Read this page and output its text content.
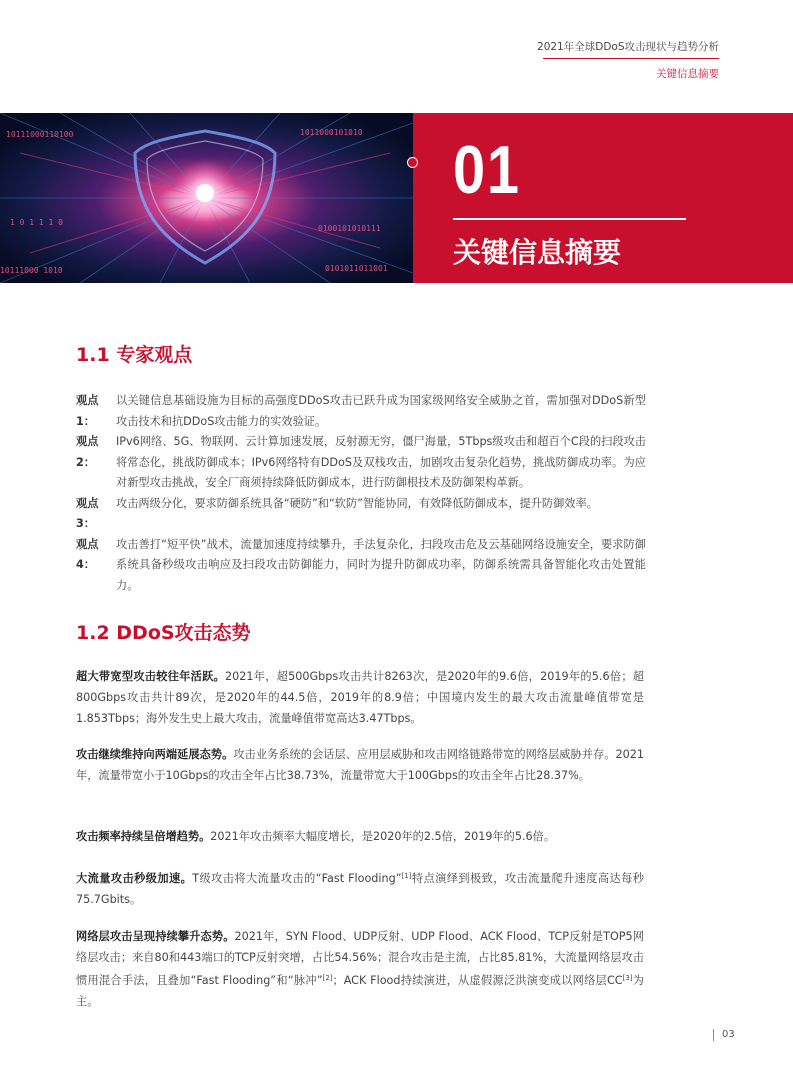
2021年全球DDoS攻击现状与趋势分析
关键信息摘要
10111000110100	1011000101010
1 0 1 1 1 0
0100101010111
10111000 1010	0101011011001
01
关键信息摘要
1.1 专家观点
观点1：
以关键信息基础设施为目标的高强度DDoS攻击已跃升成为国家级网络安全威胁之首，需加强对DDoS新型攻击技术和抗DDoS攻击能力的实效验证。
观点2：
IPv6网络、5G、物联网、云计算加速发展，反射源无穷，僵尸海量，5Tbps级攻击和超百个C段的扫段攻击将常态化，挑战防御成本；IPv6网络特有DDoS及双栈攻击，加剧攻击复杂化趋势，挑战防御成功率。为应对新型攻击挑战，安全厂商须持续降低防御成本，进行防御根技术及防御架构革新。
观点3：
攻击两级分化，要求防御系统具备“硬防”和“软防”智能协同，有效降低防御成本，提升防御效率。
观点4：
攻击善打“短平快”战术，流量加速度持续攀升，手法复杂化，扫段攻击危及云基础网络设施安全，要求防御系统具备秒级攻击响应及扫段攻击防御能力，同时为提升防御成功率，防御系统需具备智能化攻击处置能力。
1.2 DDoS攻击态势
超大带宽型攻击较往年活跃。2021年，超500Gbps攻击共计8263次，是2020年的9.6倍，2019年的5.6倍；超800Gbps攻击共计89次，是2020年的44.5倍，2019年的8.9倍；中国境内发生的最大攻击流量峰值带宽是1.853Tbps；海外发生史上最大攻击，流量峰值带宽高达3.47Tbps。
攻击继续维持向两端延展态势。攻击业务系统的会话层、应用层威胁和攻击网络链路带宽的网络层威胁并存。2021年，流量带宽小于10Gbps的攻击全年占比38.73%，流量带宽大于100Gbps的攻击全年占比28.37%。
攻击频率持续呈倍增趋势。2021年攻击频率大幅度增长，是2020年的2.5倍，2019年的5.6倍。
大流量攻击秒级加速。T级攻击将大流量攻击的“Fast Flooding”[1]特点演绎到极致，攻击流量爬升速度高达每秒75.7Gbits。
网络层攻击呈现持续攀升态势。2021年，SYN Flood、UDP反射、UDP Flood、ACK Flood、TCP反射是TOP5网络层攻击；来自80和443端口的TCP反射突增，占比54.56%；混合攻击是主流，占比85.81%，大流量网络层攻击惯用混合手法，且叠加“Fast Flooding”和“脉冲”[2]；ACK Flood持续演进，从虚假源泛洪演变成以网络层CC[3]为主。
03
